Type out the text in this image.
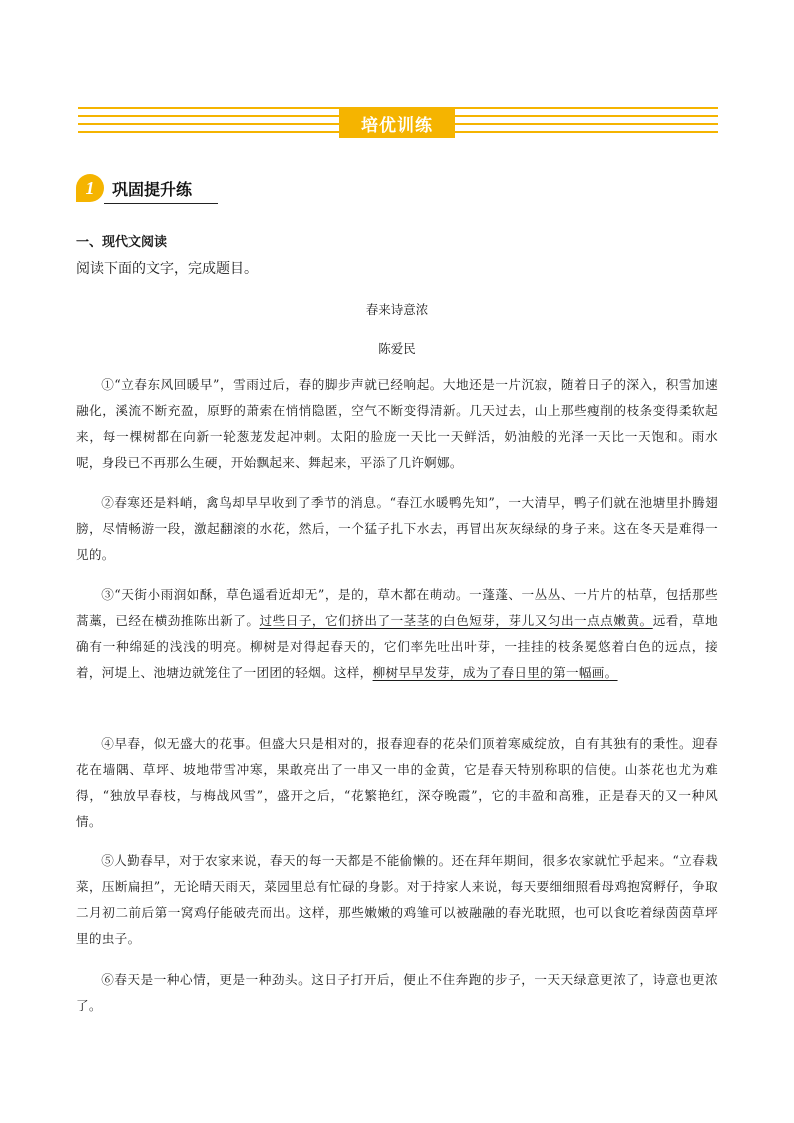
培优训练
1	巩固提升练
一、现代文阅读
阅读下面的文字，完成题目。
春来诗意浓
陈爱民
①“立春东风回暖早”，雪雨过后，春的脚步声就已经响起。大地还是一片沉寂，随着日子的深入，积雪加速融化，溪流不断充盈，原野的萧索在悄悄隐匿，空气不断变得清新。几天过去，山上那些瘦削的枝条变得柔软起来，每一棵树都在向新一轮葱茏发起冲刺。太阳的脸庞一天比一天鲜活，奶油般的光泽一天比一天饱和。雨水呢，身段已不再那么生硬，开始飘起来、舞起来，平添了几许婀娜。
②春寒还是料峭，禽鸟却早早收到了季节的消息。“春江水暖鸭先知”，一大清早，鸭子们就在池塘里扑腾翅膀，尽情畅游一段，激起翻滚的水花，然后，一个猛子扎下水去，再冒出灰灰绿绿的身子来。这在冬天是难得一见的。
③“天街小雨润如酥，草色遥看近却无”，是的，草木都在萌动。一蓬蓬、一丛丛、一片片的枯草，包括那些蒿藁，已经在横劲推陈出新了。过些日子，它们挤出了一茎茎的白色短芽，芽儿又匀出一点点嫩黄。远看，草地确有一种绵延的浅浅的明亮。柳树是对得起春天的，它们率先吐出叶芽，一挂挂的枝条冕悠着白色的远点，接着，河堤上、池塘边就笼住了一团团的轻烟。这样，柳树早早发芽，成为了春日里的第一幅画。
④早春，似无盛大的花事。但盛大只是相对的，报春迎春的花朵们顶着寒威绽放，自有其独有的秉性。迎春花在墙隅、草坪、坡地带雪冲寒，果敢亮出了一串又一串的金黄，它是春天特别称职的信使。山茶花也尤为难得，“独放早春枝，与梅战风雪”，盛开之后，“花繁艳红，深夺晚霞”，它的丰盈和高雅，正是春天的又一种风情。
⑤人勤春早，对于农家来说，春天的每一天都是不能偷懒的。还在拜年期间，很多农家就忙乎起来。“立春栽菜，压断扁担”，无论晴天雨天，菜园里总有忙碌的身影。对于持家人来说，每天要细细照看母鸡抱窝孵仔，争取二月初二前后第一窝鸡仔能破壳而出。这样，那些嫩嫩的鸡雏可以被融融的春光耽照，也可以食吃着绿茵茵草坪里的虫子。
⑥春天是一种心情，更是一种劲头。这日子打开后，便止不住奔跑的步子，一天天绿意更浓了，诗意也更浓了。
